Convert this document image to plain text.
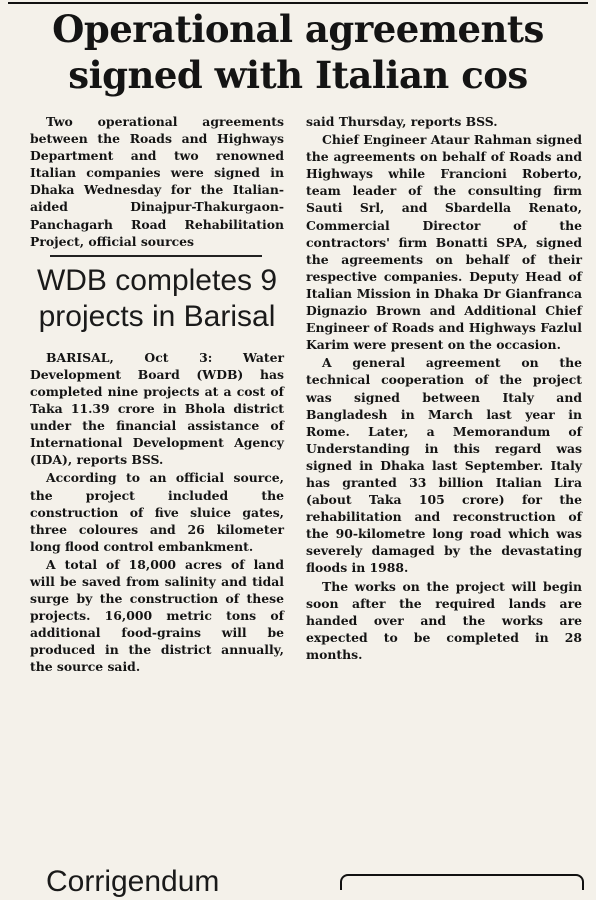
Operational agreements signed with Italian cos

Two operational agreements between the Roads and Highways Department and two renowned Italian companies were signed in Dhaka Wednesday for the Italian-aided Dinajpur-Thakurgaon-Panchagarh Road Rehabilitation Project, official sources

WDB completes 9 projects in Barisal

BARISAL, Oct 3: Water Development Board (WDB) has completed nine projects at a cost of Taka 11.39 crore in Bhola district under the financial assistance of International Development Agency (IDA), reports BSS.

According to an official source, the project included the construction of five sluice gates, three coloures and 26 kilometer long flood control embankment.

A total of 18,000 acres of land will be saved from salinity and tidal surge by the construction of these projects. 16,000 metric tons of additional food-grains will be produced in the district annually, the source said.

said Thursday, reports BSS.

Chief Engineer Ataur Rahman signed the agreements on behalf of Roads and Highways while Francioni Roberto, team leader of the consulting firm Sauti Srl, and Sbardella Renato, Commercial Director of the contractors' firm Bonatti SPA, signed the agreements on behalf of their respective companies. Deputy Head of Italian Mission in Dhaka Dr Gianfranca Dignazio Brown and Additional Chief Engineer of Roads and Highways Fazlul Karim were present on the occasion.

A general agreement on the technical cooperation of the project was signed between Italy and Bangladesh in March last year in Rome. Later, a Memorandum of Understanding in this regard was signed in Dhaka last September. Italy has granted 33 billion Italian Lira (about Taka 105 crore) for the rehabilitation and reconstruction of the 90-kilometre long road which was severely damaged by the devastating floods in 1988.

The works on the project will begin soon after the required lands are handed over and the works are expected to be completed in 28 months.

Corrigendum
